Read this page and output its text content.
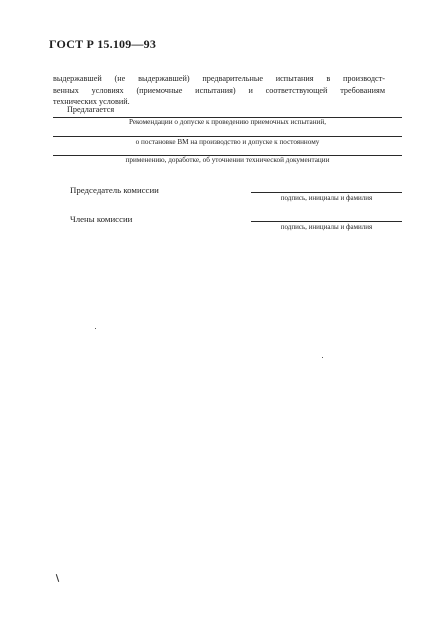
ГОСТ Р 15.109—93
выдержавшей (не выдержавшей) предварительные испытания в производст-
венных условиях (приемочные испытания) и соответствующей требованиям
технических условий.
Предлагается
Рекомендации о допуске к проведению приемочных испытаний,
о постановке ВМ на производство и допуске к постоянному
применению, доработке, об уточнении технической документации
Председатель комиссии
подпись, инициалы и фамилия
Члены комиссии
подпись, инициалы и фамилия
